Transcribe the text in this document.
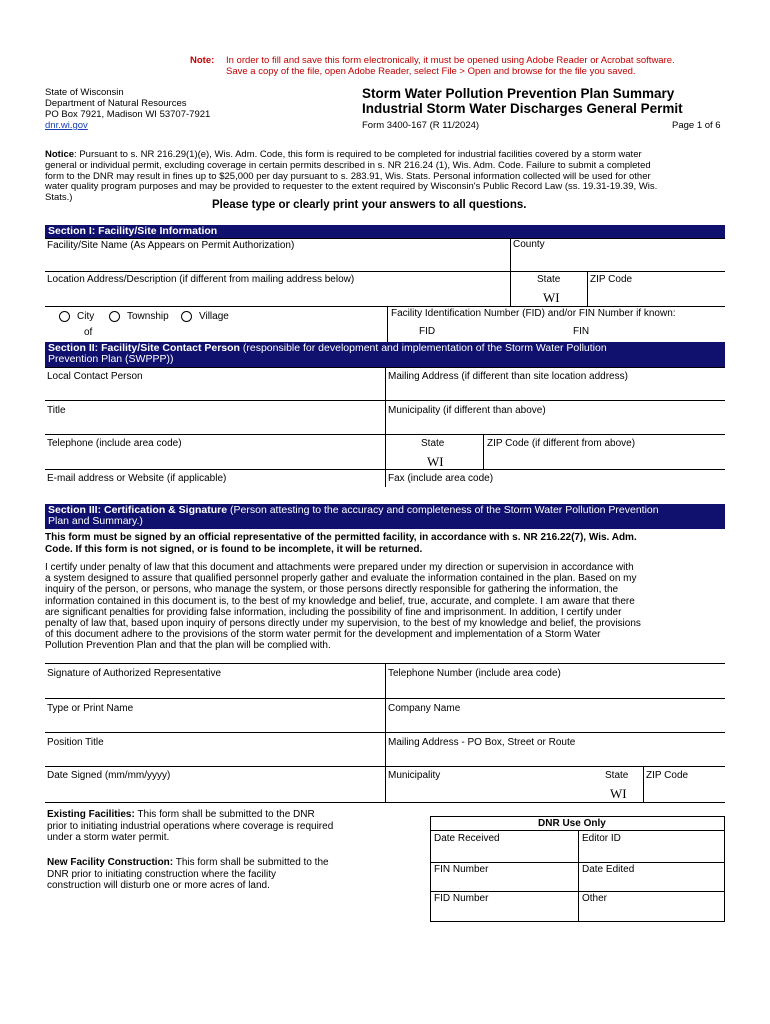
Note: In order to fill and save this form electronically, it must be opened using Adobe Reader or Acrobat software.
Save a copy of the file, open Adobe Reader, select File > Open and browse for the file you saved.
State of Wisconsin
Department of Natural Resources
PO Box 7921, Madison WI 53707-7921
dnr.wi.gov
Storm Water Pollution Prevention Plan Summary
Industrial Storm Water Discharges General Permit
Form 3400-167 (R 11/2024)	Page 1 of 6
Notice: Pursuant to s. NR 216.29(1)(e), Wis. Adm. Code, this form is required to be completed for industrial facilities covered by a storm water
general or individual permit, excluding coverage in certain permits described in s. NR 216.24 (1), Wis. Adm. Code. Failure to submit a completed
form to the DNR may result in fines up to $25,000 per day pursuant to s. 283.91, Wis. Stats. Personal information collected will be used for other
water quality program purposes and may be provided to requester to the extent required by Wisconsin's Public Record Law (ss. 19.31-19.39, Wis.
Stats.)
Please type or clearly print your answers to all questions.
Section I: Facility/Site Information
Facility/Site Name (As Appears on Permit Authorization)	County
Location Address/Description (if different from mailing address below)	State	ZIP Code
WI
City	Township	Village
of
Facility Identification Number (FID) and/or FIN Number if known:
FID	FIN
Section II: Facility/Site Contact Person (responsible for development and implementation of the Storm Water Pollution
Prevention Plan (SWPPP))
Local Contact Person	Mailing Address (if different than site location address)
Title	Municipality (if different than above)
Telephone (include area code)	State	ZIP Code (if different from above)
WI
E-mail address or Website (if applicable)	Fax (include area code)
Section III: Certification & Signature (Person attesting to the accuracy and completeness of the Storm Water Pollution Prevention
Plan and Summary.)
This form must be signed by an official representative of the permitted facility, in accordance with s. NR 216.22(7), Wis. Adm.
Code. If this form is not signed, or is found to be incomplete, it will be returned.
I certify under penalty of law that this document and attachments were prepared under my direction or supervision in accordance with
a system designed to assure that qualified personnel properly gather and evaluate the information contained in the plan. Based on my
inquiry of the person, or persons, who manage the system, or those persons directly responsible for gathering the information, the
information contained in this document is, to the best of my knowledge and belief, true, accurate, and complete. I am aware that there
are significant penalties for providing false information, including the possibility of fine and imprisonment. In addition, I certify under
penalty of law that, based upon inquiry of persons directly under my supervision, to the best of my knowledge and belief, the provisions
of this document adhere to the provisions of the storm water permit for the development and implementation of a Storm Water
Pollution Prevention Plan and that the plan will be complied with.
Signature of Authorized Representative	Telephone Number (include area code)
Type or Print Name	Company Name
Position Title	Mailing Address - PO Box, Street or Route
Date Signed (mm/mm/yyyy)	Municipality	State ZIP Code
WI
Existing Facilities: This form shall be submitted to the DNR
prior to initiating industrial operations where coverage is required
under a storm water permit.
New Facility Construction: This form shall be submitted to the
DNR prior to initiating construction where the facility
construction will disturb one or more acres of land.
DNR Use Only
Date Received	Editor ID
FIN Number	Date Edited
FID Number	Other
